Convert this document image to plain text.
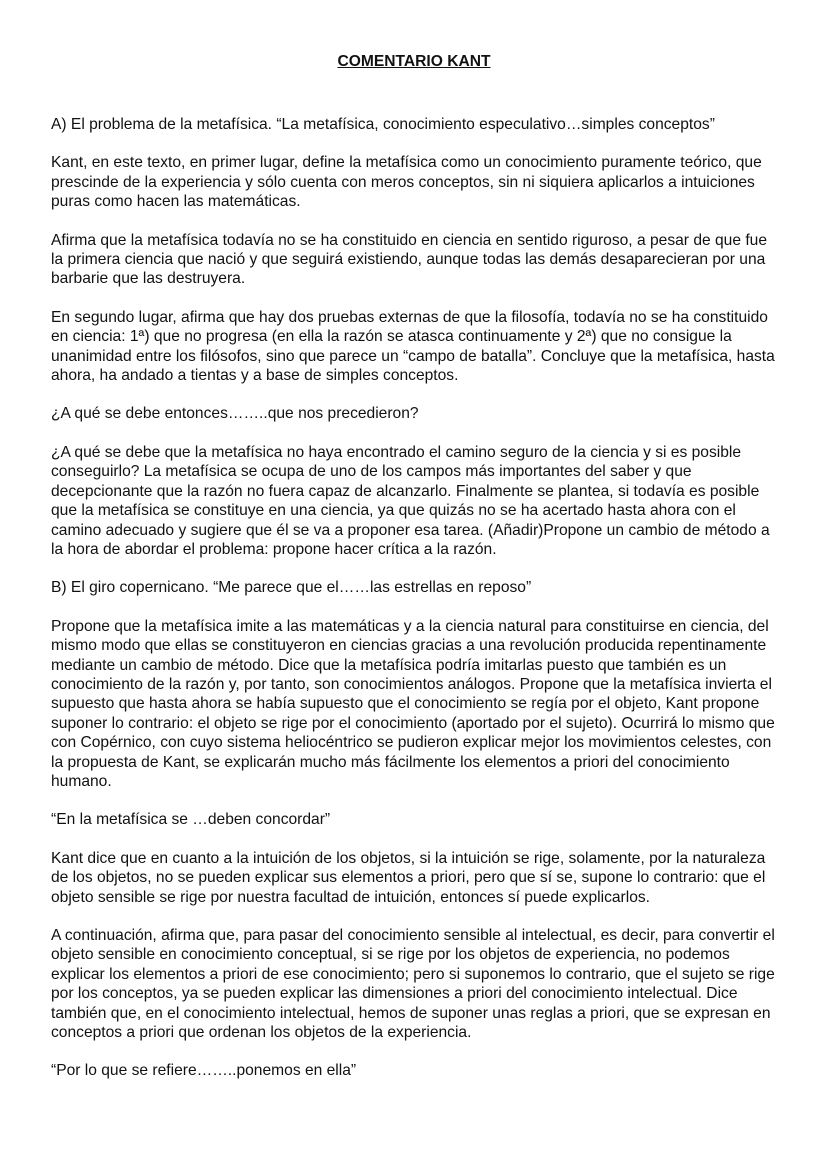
COMENTARIO KANT

A) El problema de la metafísica. “La metafísica, conocimiento especulativo…simples conceptos”

Kant, en este texto, en primer lugar, define la metafísica como un conocimiento puramente teórico, que prescinde de la experiencia y sólo cuenta con meros conceptos, sin ni siquiera aplicarlos a intuiciones puras como hacen las matemáticas.

Afirma que la metafísica todavía no se ha constituido en ciencia en sentido riguroso, a pesar de que fue la primera ciencia que nació y que seguirá existiendo, aunque todas las demás desaparecieran por una barbarie que las destruyera.

En segundo lugar, afirma que hay dos pruebas externas de que la filosofía, todavía no se ha constituido en ciencia: 1ª) que no progresa (en ella la razón se atasca continuamente y 2ª) que no consigue la unanimidad entre los filósofos, sino que parece un “campo de batalla”. Concluye que la metafísica, hasta ahora, ha andado a tientas y a base de simples conceptos.

¿A qué se debe entonces……..que nos precedieron?

¿A qué se debe que la metafísica no haya encontrado el camino seguro de la ciencia y si es posible conseguirlo? La metafísica se ocupa de uno de los campos más importantes del saber y que decepcionante que la razón no fuera capaz de alcanzarlo. Finalmente se plantea, si todavía es posible que la metafísica se constituye en una ciencia, ya que quizás no se ha acertado hasta ahora con el camino adecuado y sugiere que él se va a proponer esa tarea. (Añadir)Propone un cambio de método a la hora de abordar el problema: propone hacer crítica a la razón.

B) El giro copernicano. “Me parece que el……las estrellas en reposo”

Propone que la metafísica imite a las matemáticas y a la ciencia natural para constituirse en ciencia, del mismo modo que ellas se constituyeron en ciencias gracias a una revolución producida repentinamente mediante un cambio de método. Dice que la metafísica podría imitarlas puesto que también es un conocimiento de la razón y, por tanto, son conocimientos análogos. Propone que la metafísica invierta el supuesto que hasta ahora se había supuesto que el conocimiento se regía por el objeto, Kant propone suponer lo contrario: el objeto se rige por el conocimiento (aportado por el sujeto). Ocurrirá lo mismo que con Copérnico, con cuyo sistema heliocéntrico se pudieron explicar mejor los movimientos celestes, con la propuesta de Kant, se explicarán mucho más fácilmente los elementos a priori del conocimiento humano.

“En la metafísica se …deben concordar”

Kant dice que en cuanto a la intuición de los objetos, si la intuición se rige, solamente, por la naturaleza de los objetos, no se pueden explicar sus elementos a priori, pero que sí se, supone lo contrario: que el objeto sensible se rige por nuestra facultad de intuición, entonces sí puede explicarlos.

A continuación, afirma que, para pasar del conocimiento sensible al intelectual, es decir, para convertir el objeto sensible en conocimiento conceptual, si se rige por los objetos de experiencia, no podemos explicar los elementos a priori de ese conocimiento; pero si suponemos lo contrario, que el sujeto se rige por los conceptos, ya se pueden explicar las dimensiones a priori del conocimiento intelectual. Dice también que, en el conocimiento intelectual, hemos de suponer unas reglas a priori, que se expresan en conceptos a priori que ordenan los objetos de la experiencia.

“Por lo que se refiere……..ponemos en ella”
